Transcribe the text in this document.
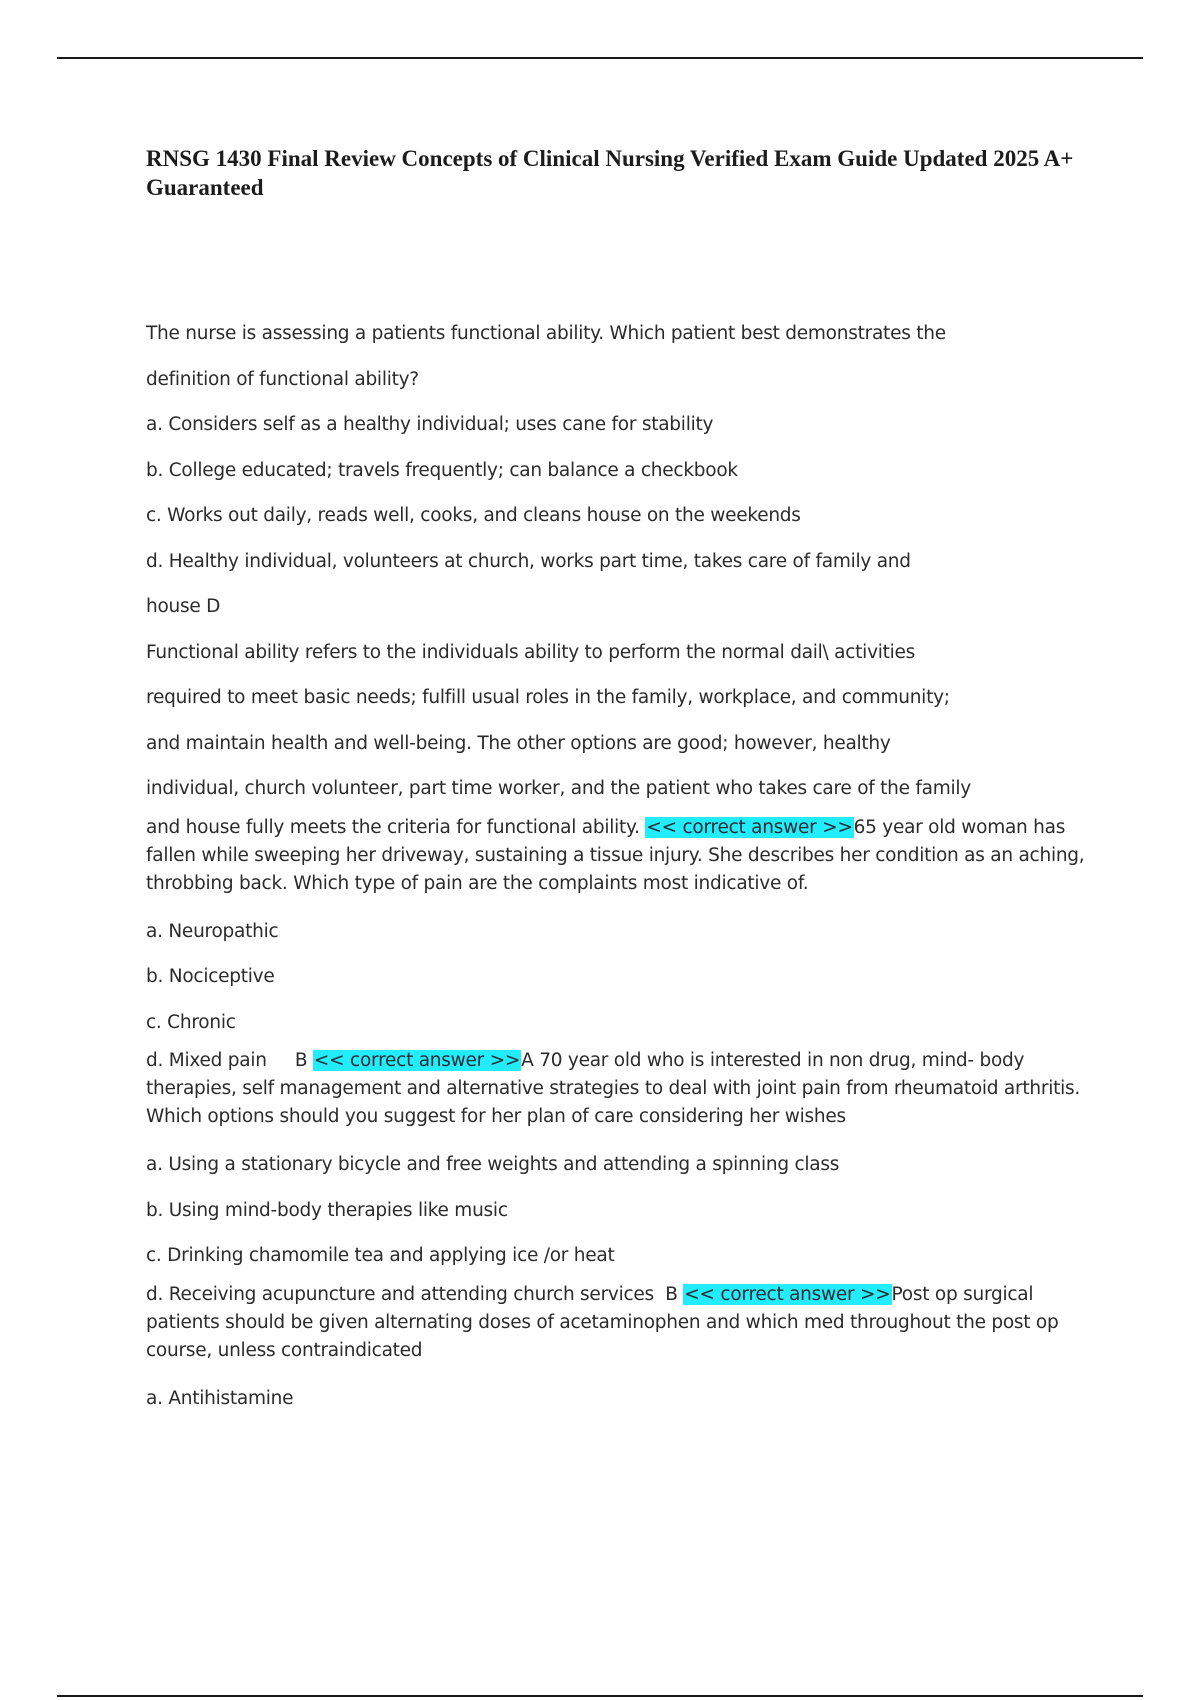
RNSG 1430 Final Review Concepts of Clinical Nursing Verified Exam Guide Updated 2025 A+ Guaranteed
The nurse is assessing a patients functional ability. Which patient best demonstrates the
definition of functional ability?
a. Considers self as a healthy individual; uses cane for stability
b. College educated; travels frequently; can balance a checkbook
c. Works out daily, reads well, cooks, and cleans house on the weekends
d. Healthy individual, volunteers at church, works part time, takes care of family and
house D
Functional ability refers to the individuals ability to perform the normal dail\ activities
required to meet basic needs; fulfill usual roles in the family, workplace, and community;
and maintain health and well-being. The other options are good; however, healthy
individual, church volunteer, part time worker, and the patient who takes care of the family
and house fully meets the criteria for functional ability. << correct answer >>65 year old woman has fallen while sweeping her driveway, sustaining a tissue injury. She describes her condition as an aching, throbbing back. Which type of pain are the complaints most indicative of.
a. Neuropathic
b. Nociceptive
c. Chronic
d. Mixed pain     B << correct answer >>A 70 year old who is interested in non drug, mind- body therapies, self management and alternative strategies to deal with joint pain from rheumatoid arthritis. Which options should you suggest for her plan of care considering her wishes
a. Using a stationary bicycle and free weights and attending a spinning class
b. Using mind-body therapies like music
c. Drinking chamomile tea and applying ice /or heat
d. Receiving acupuncture and attending church services  B << correct answer >>Post op surgical patients should be given alternating doses of acetaminophen and which med throughout the post op course, unless contraindicated
a. Antihistamine
